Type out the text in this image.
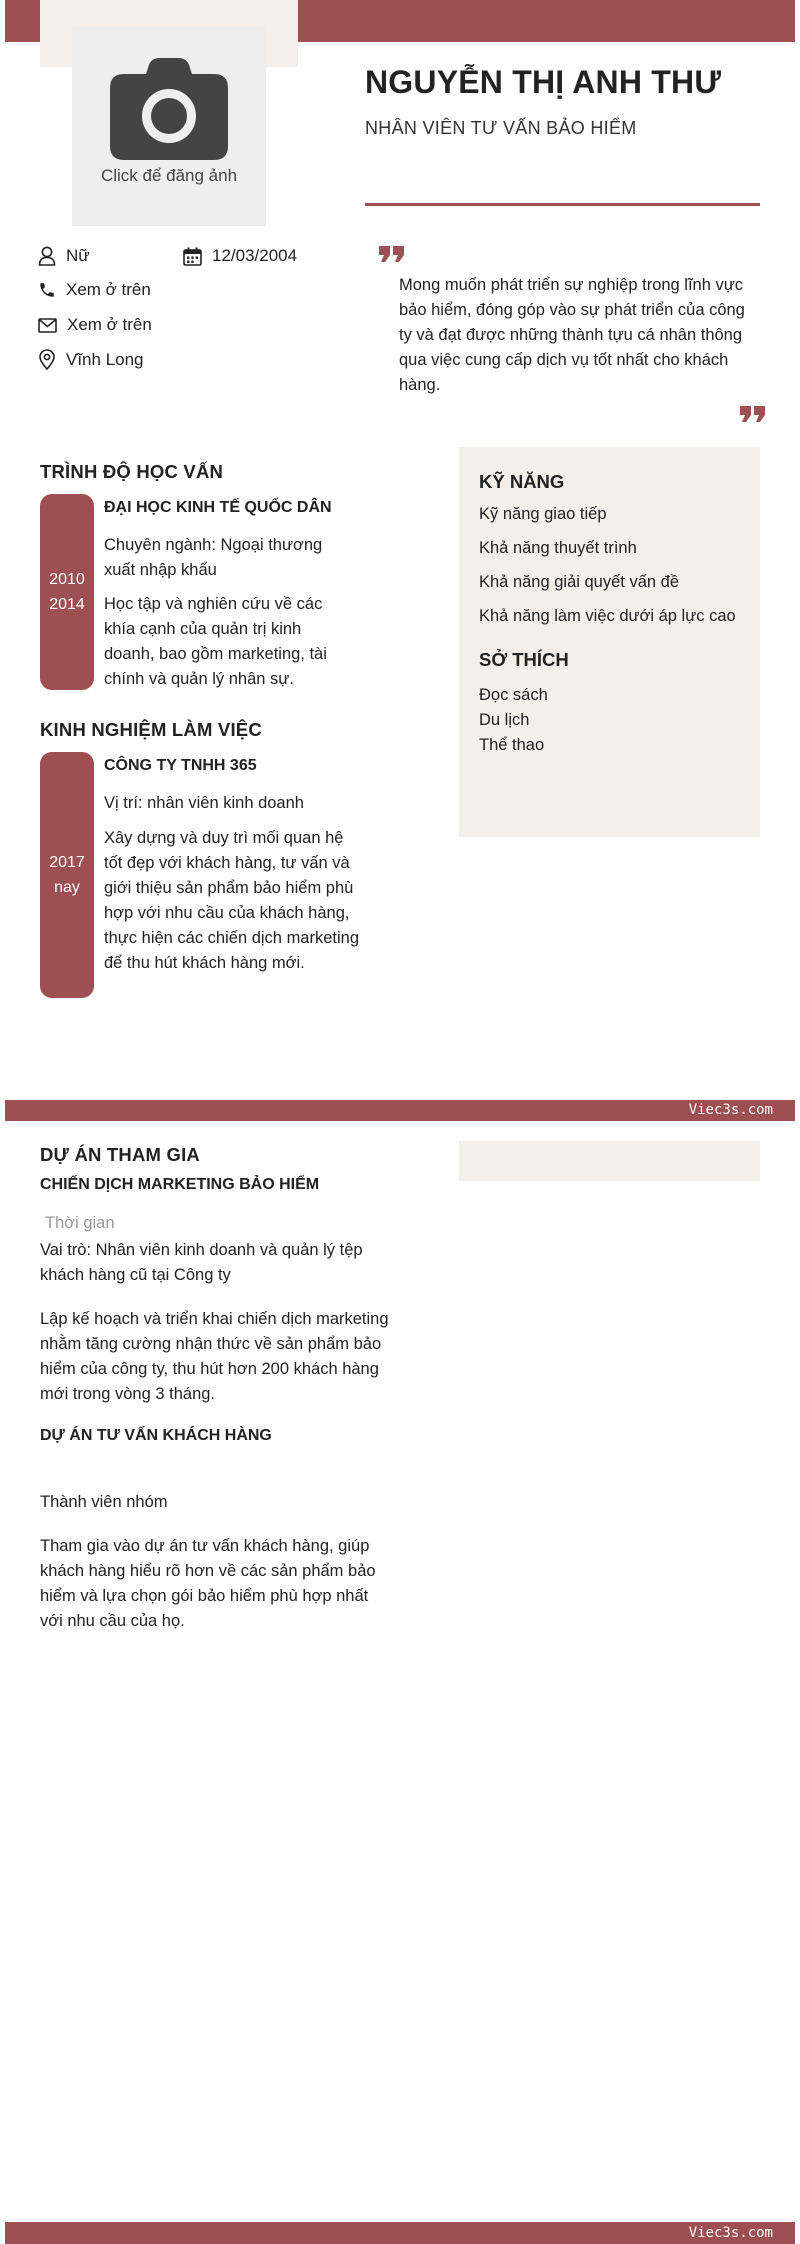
Click để đăng ảnh
NGUYỄN THỊ ANH THƯ
NHÂN VIÊN TƯ VẤN BẢO HIỂM
Nữ	12/03/2004
Xem ở trên
Xem ở trên
Vĩnh Long
Mong muốn phát triển sự nghiệp trong lĩnh vực bảo hiểm, đóng góp vào sự phát triển của công ty và đạt được những thành tựu cá nhân thông qua việc cung cấp dịch vụ tốt nhất cho khách hàng.
TRÌNH ĐỘ HỌC VẤN
2010
2014
ĐẠI HỌC KINH TẾ QUỐC DÂN
Chuyên ngành: Ngoại thương xuất nhập khẩu
Học tập và nghiên cứu về các khía cạnh của quản trị kinh doanh, bao gồm marketing, tài chính và quản lý nhân sự.
KINH NGHIỆM LÀM VIỆC
2017
nay
CÔNG TY TNHH 365
Vị trí: nhân viên kinh doanh
Xây dựng và duy trì mối quan hệ tốt đẹp với khách hàng, tư vấn và giới thiệu sản phẩm bảo hiểm phù hợp với nhu cầu của khách hàng, thực hiện các chiến dịch marketing để thu hút khách hàng mới.
KỸ NĂNG
Kỹ năng giao tiếp
Khả năng thuyết trình
Khả năng giải quyết vấn đề
Khả năng làm việc dưới áp lực cao
SỞ THÍCH
Đọc sách
Du lịch
Thể thao
Viec3s.com
DỰ ÁN THAM GIA
CHIẾN DỊCH MARKETING BẢO HIỂM
Thời gian
Vai trò: Nhân viên kinh doanh và quản lý tệp khách hàng cũ tại Công ty
Lập kế hoạch và triển khai chiến dịch marketing nhằm tăng cường nhận thức về sản phẩm bảo hiểm của công ty, thu hút hơn 200 khách hàng mới trong vòng 3 tháng.
DỰ ÁN TƯ VẤN KHÁCH HÀNG
Thành viên nhóm
Tham gia vào dự án tư vấn khách hàng, giúp khách hàng hiểu rõ hơn về các sản phẩm bảo hiểm và lựa chọn gói bảo hiểm phù hợp nhất với nhu cầu của họ.
Viec3s.com
